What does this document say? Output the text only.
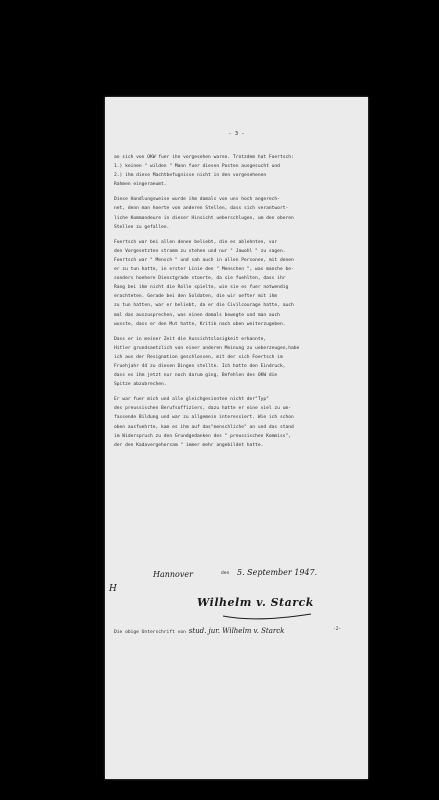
- 3 -
an sich von OKW fuer ihn vorgesehen waren. Trotzdem hat Foertsch:
1.) keinen " wilden " Mann fuer diesen Posten ausgesucht und
2.) ihm diese Machtbefugnisse nicht in den vorgesehenen
Rahmen eingeraeumt.
Diese Handlungsweise wurde ihm damals von uns hoch angerech-
net, denn man hoerte von anderen Stellen, dass sich verantwort-
liche Kommandeure in dieser Hinsicht ueberschlugen, um den oberen
Stellen zu gefallen.
Foertsch war bei allen denen beliebt, die es ablehnten, vor
den Vorgesetzten stramm zu stehen und nur " Jawohl " zu sagen.
Foertsch war " Mensch " und sah auch in allen Personen, mit denen
er zu tun hatte, in erster Linie den " Menschen ", was manche be-
sonders hoehere Dienstgrade stoerte, da sie fuehlten, dass ihr
Rang bei ihm nicht die Rolle spielte, wie sie es fuer notwendig
erachteten. Gerade bei den Soldaten, die wir oefter mit ihm
zu tun hatten, war er beliebt, da er die Civilcourage hatte, auch
mal das auszusprechen, was einen damals bewegte und man auch
wusste, dass er den Mut hatte, Kritik nach oben weiterzugeben.
Dass er in meiner Zeit die Aussichtslosigkeit erkannte,
Hitler grundsaetzlich von einer anderen Meinung zu ueberzeugen,habe
ich aus der Resignation geschlossen, mit der sich Foertsch im
Fruehjahr 44 zu diesen Dingen stellte. Ich hatte den Eindruck,
dass es ihm jetzt nur noch darum ging, Befehlen des OKW die
Spitze abzubrechen.
Er war fuer mich und alle gleichgesinnten nicht der"Typ"
des preussischen Berufsoffiziers, dazu hatte er eine viel zu um-
fassende Bildung und war zu allgemein interessiert. Wie ich schon
oben ausfuehrte, kam es ihm auf das"menschliche" an und das stand
im Widerspruch zu den Grundgedanken des " preussischen Kommiss",
der den Kadavergehorsam " immer mehr angebildet hatte.
H
Hannover	den 5. September 1947.
Wilhelm v. Starck
Die obige Unterschrift von stud. jur. Wilhelm v. Starck	-2-
